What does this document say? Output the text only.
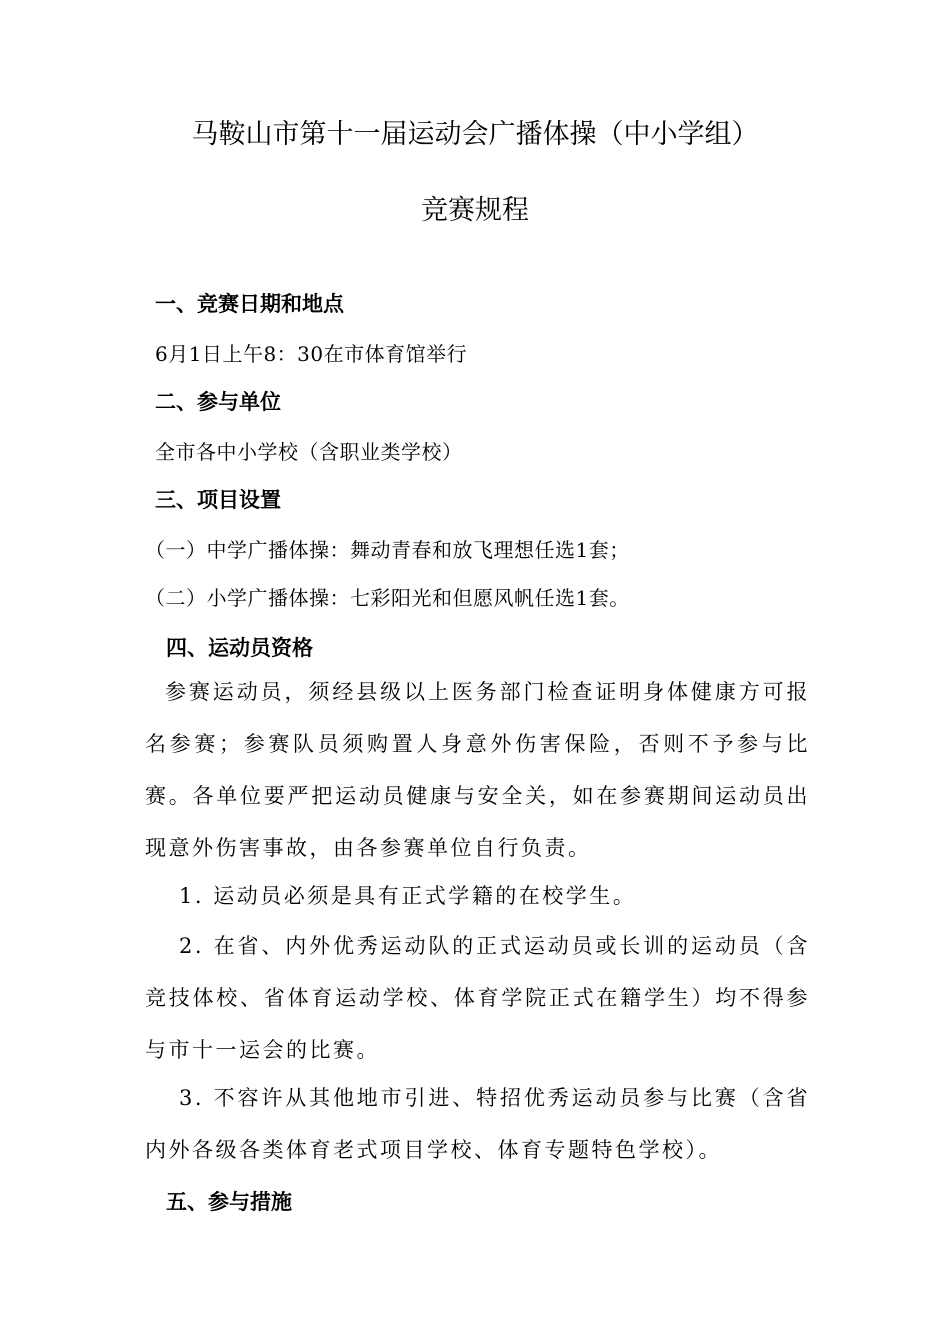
马鞍山市第十一届运动会广播体操（中小学组）
竞赛规程
一、竞赛日期和地点
6月1日上午8：30在市体育馆举行
二、参与单位
全市各中小学校（含职业类学校）
三、项目设置
（一）中学广播体操：舞动青春和放飞理想任选1套；
（二）小学广播体操：七彩阳光和但愿风帆任选1套。
四、运动员资格
参赛运动员，须经县级以上医务部门检查证明身体健康方可报名参赛；参赛队员须购置人身意外伤害保险，否则不予参与比赛。各单位要严把运动员健康与安全关，如在参赛期间运动员出现意外伤害事故，由各参赛单位自行负责。
1. 运动员必须是具有正式学籍的在校学生。
2. 在省、内外优秀运动队的正式运动员或长训的运动员（含竞技体校、省体育运动学校、体育学院正式在籍学生）均不得参与市十一运会的比赛。
3. 不容许从其他地市引进、特招优秀运动员参与比赛（含省内外各级各类体育老式项目学校、体育专题特色学校）。
五、参与措施
